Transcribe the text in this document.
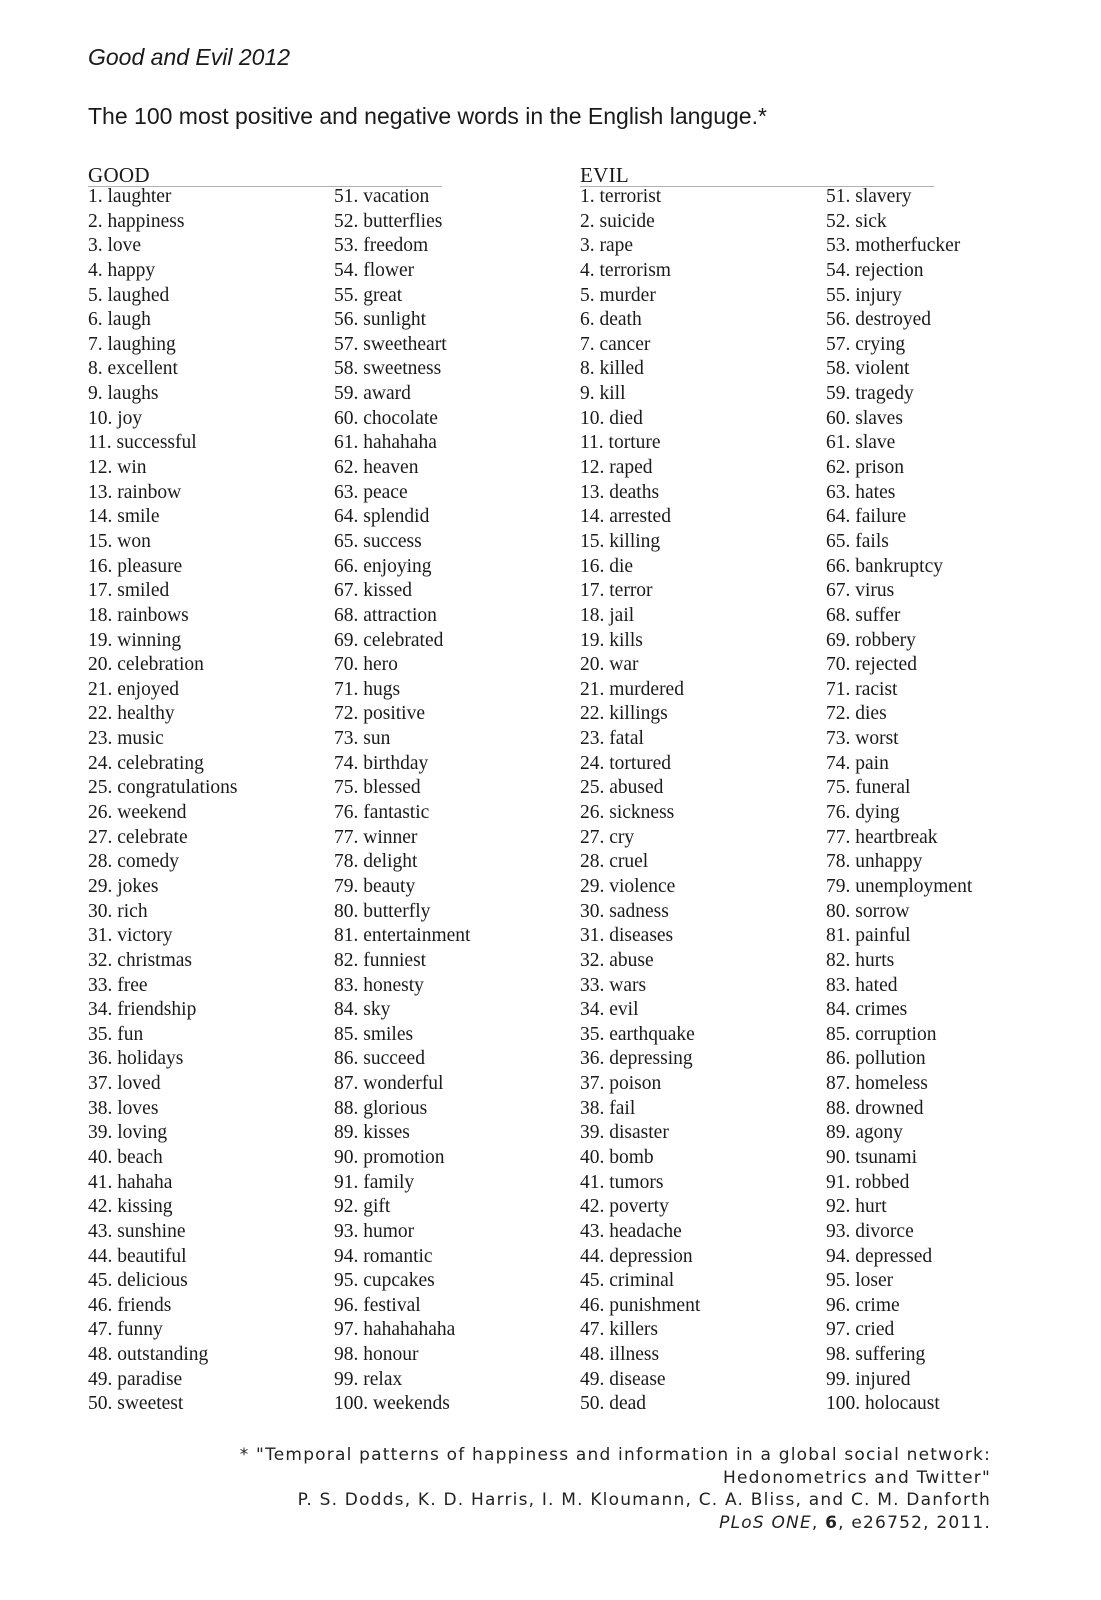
Good and Evil 2012
The 100 most positive and negative words in the English languge.*
GOOD
1. laughter
2. happiness
3. love
4. happy
5. laughed
6. laugh
7. laughing
8. excellent
9. laughs
10. joy
11. successful
12. win
13. rainbow
14. smile
15. won
16. pleasure
17. smiled
18. rainbows
19. winning
20. celebration
21. enjoyed
22. healthy
23. music
24. celebrating
25. congratulations
26. weekend
27. celebrate
28. comedy
29. jokes
30. rich
31. victory
32. christmas
33. free
34. friendship
35. fun
36. holidays
37. loved
38. loves
39. loving
40. beach
41. hahaha
42. kissing
43. sunshine
44. beautiful
45. delicious
46. friends
47. funny
48. outstanding
49. paradise
50. sweetest
51. vacation
52. butterflies
53. freedom
54. flower
55. great
56. sunlight
57. sweetheart
58. sweetness
59. award
60. chocolate
61. hahahaha
62. heaven
63. peace
64. splendid
65. success
66. enjoying
67. kissed
68. attraction
69. celebrated
70. hero
71. hugs
72. positive
73. sun
74. birthday
75. blessed
76. fantastic
77. winner
78. delight
79. beauty
80. butterfly
81. entertainment
82. funniest
83. honesty
84. sky
85. smiles
86. succeed
87. wonderful
88. glorious
89. kisses
90. promotion
91. family
92. gift
93. humor
94. romantic
95. cupcakes
96. festival
97. hahahahaha
98. honour
99. relax
100. weekends
EVIL
1. terrorist
2. suicide
3. rape
4. terrorism
5. murder
6. death
7. cancer
8. killed
9. kill
10. died
11. torture
12. raped
13. deaths
14. arrested
15. killing
16. die
17. terror
18. jail
19. kills
20. war
21. murdered
22. killings
23. fatal
24. tortured
25. abused
26. sickness
27. cry
28. cruel
29. violence
30. sadness
31. diseases
32. abuse
33. wars
34. evil
35. earthquake
36. depressing
37. poison
38. fail
39. disaster
40. bomb
41. tumors
42. poverty
43. headache
44. depression
45. criminal
46. punishment
47. killers
48. illness
49. disease
50. dead
51. slavery
52. sick
53. motherfucker
54. rejection
55. injury
56. destroyed
57. crying
58. violent
59. tragedy
60. slaves
61. slave
62. prison
63. hates
64. failure
65. fails
66. bankruptcy
67. virus
68. suffer
69. robbery
70. rejected
71. racist
72. dies
73. worst
74. pain
75. funeral
76. dying
77. heartbreak
78. unhappy
79. unemployment
80. sorrow
81. painful
82. hurts
83. hated
84. crimes
85. corruption
86. pollution
87. homeless
88. drowned
89. agony
90. tsunami
91. robbed
92. hurt
93. divorce
94. depressed
95. loser
96. crime
97. cried
98. suffering
99. injured
100. holocaust
* "Temporal patterns of happiness and information in a global social network:
Hedonometrics and Twitter"
P. S. Dodds, K. D. Harris, I. M. Kloumann, C. A. Bliss, and C. M. Danforth
PLoS ONE, 6, e26752, 2011.
